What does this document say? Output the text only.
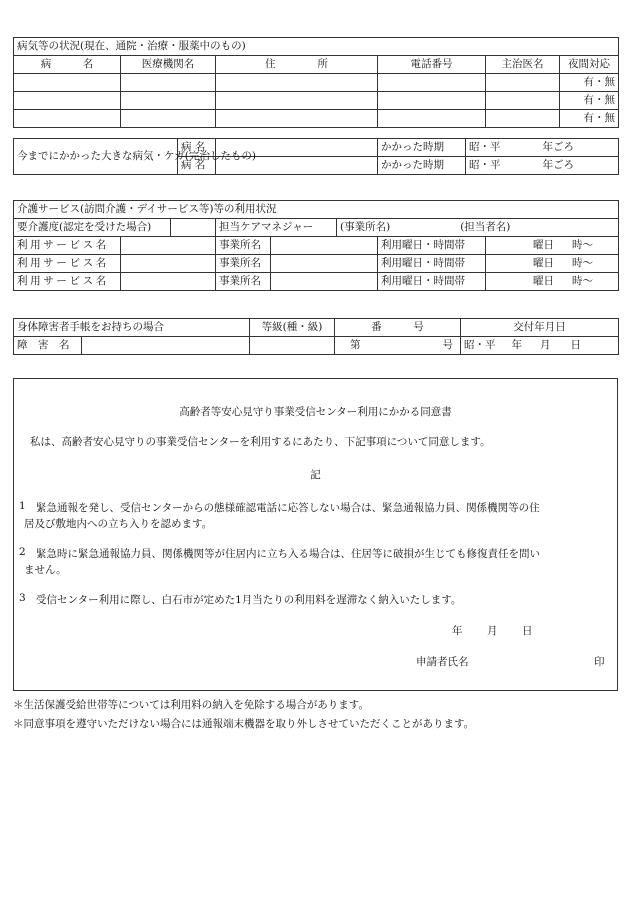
病気等の状況(現在、通院・治療・服薬中のもの)					
病　　　名	医療機関名	住　　　　所	電話番号	主治医名	夜間対応
					有・無
					有・無
					有・無
今までにかかった大きな病気・ケガ(完治したもの)	病 名		かかった時期	昭・平 年ごろ
	病 名		かかった時期	昭・平 年ごろ
介護サービス(訪問介護・デイサービス等)等の利用状況							
要介護度(認定を受けた場合)			担当ケアマネジャー		(事業所名) (担当者名)		
利用サービス名			事業所名			利用曜日・時間帯	曜日 時～
利用サービス名			事業所名			利用曜日・時間帯	曜日 時～
利用サービス名			事業所名			利用曜日・時間帯	曜日 時～
身体障害者手帳をお持ちの場合		等級(種・級)	番　　　号	交付年月日
障　害　名			第 号	昭・平 年 月 日
高齢者等安心見守り事業受信センター利用にかかる同意書
私は、高齢者安心見守りの事業受信センターを利用するにあたり、下記事項について同意します。
記
1 緊急通報を発し、受信センターからの態様確認電話に応答しない場合は、緊急通報協力員、関係機関等の住
居及び敷地内への立ち入りを認めます。
2 緊急時に緊急通報協力員、関係機関等が住居内に立ち入る場合は、住居等に破損が生じても修復責任を問い
ません。
3 受信センター利用に際し、白石市が定めた1月当たりの利用料を遅滞なく納入いたします。
年 月 日
申請者氏名	印
＊生活保護受給世帯等については利用料の納入を免除する場合があります。
＊同意事項を遵守いただけない場合には通報端末機器を取り外しさせていただくことがあります。
